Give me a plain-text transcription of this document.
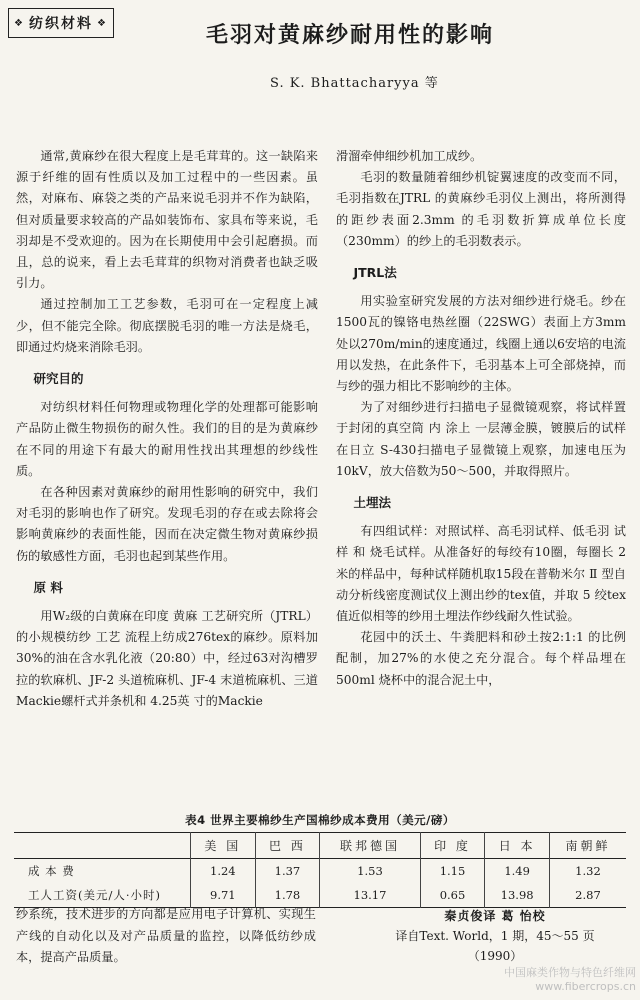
❖ 纺织材料 ❖	毛羽对黄麻纱耐用性的影响
S. K. Bhattacharyya 等

通常,黄麻纱在很大程度上是毛茸茸的。这一缺陷来源于纤维的固有性质以及加工过程中的一些因素。虽然，对麻布、麻袋之类的产品来说毛羽并不作为缺陷，但对质量要求较高的产品如装饰布、家具布等来说，毛羽却是不受欢迎的。因为在长期使用中会引起磨损。而且，总的说来，看上去毛茸茸的织物对消费者也缺乏吸引力。

通过控制加工工艺参数，毛羽可在一定程度上减少，但不能完全除。彻底摆脱毛羽的唯一方法是烧毛，即通过灼烧来消除毛羽。

研究目的

对纺织材料任何物理或物理化学的处理都可能影响产品防止微生物损伤的耐久性。我们的目的是为黄麻纱在不同的用途下有最大的耐用性找出其理想的纱线性质。

在各种因素对黄麻纱的耐用性影响的研究中，我们对毛羽的影响也作了研究。发现毛羽的存在或去除将会影响黄麻纱的表面性能，因而在决定微生物对黄麻纱损伤的敏感性方面，毛羽也起到某些作用。

原 料

用W₂级的白黄麻在印度 黄麻 工艺研究所（JTRL）的小规模纺纱 工艺 流程上纺成276tex的麻纱。原料加30%的油在含水乳化液（20:80）中，经过63对沟槽罗拉的软麻机、JF-2 头道梳麻机、JF-4 末道梳麻机、三道Mackie螺杆式并条机和 4.25英 寸的Mackie

滑溜牵伸细纱机加工成纱。

毛羽的数量随着细纱机锭翼速度的改变而不同，毛羽指数在JTRL 的黄麻纱毛羽仪上测出，将所测得的距纱表面2.3mm 的毛羽数折算成单位长度（230mm）的纱上的毛羽数表示。

JTRL法

用实验室研究发展的方法对细纱进行烧毛。纱在1500瓦的镍铬电热丝圈（22SWG）表面上方3mm处以270m/min的速度通过，线圈上通以6安培的电流用以发热，在此条件下，毛羽基本上可全部烧掉，而与纱的强力相比不影响纱的主体。

为了对细纱进行扫描电子显微镜观察，将试样置于封闭的真空筒 内 涂上 一层薄金膜，镀膜后的试样在日立 S-430扫描电子显微镜上观察，加速电压为10kV，放大倍数为50～500，并取得照片。

土埋法

有四组试样：对照试样、高毛羽试样、低毛羽 试 样 和 烧毛试样。从准备好的每绞有10圈，每圈长 2 米的样品中，每种试样随机取15段在普勒米尔 Ⅱ 型自动分析线密度测试仪上测出纱的tex值，并取 5 绞tex 值近似相等的纱用土埋法作纱线耐久性试验。

花园中的沃土、牛粪肥料和砂土按2:1:1 的比例配制，加27%的水使之充分混合。每个样品埋在500ml 烧杯中的混合泥土中，

表4 世界主要棉纱生产国棉纱成本费用（美元/磅）
	美 国	巴 西	联邦德国	印 度	日 本	南朝鲜
成 本 费	1.24	1.37	1.53	1.15	1.49	1.32
工人工资(美元/人·小时)	9.71	1.78	13.17	0.65	13.98	2.87
纱系统，技术进步的方向都是应用电子计算机、实现生产线的自动化以及对产品质量的监控，以降低纺纱成本，提高产品质量。
秦贞俊译 葛 怡校
译自Text. World，1 期，45～55 页
（1990）
中国麻类作物与特色纤维网
www.fibercrops.cn
